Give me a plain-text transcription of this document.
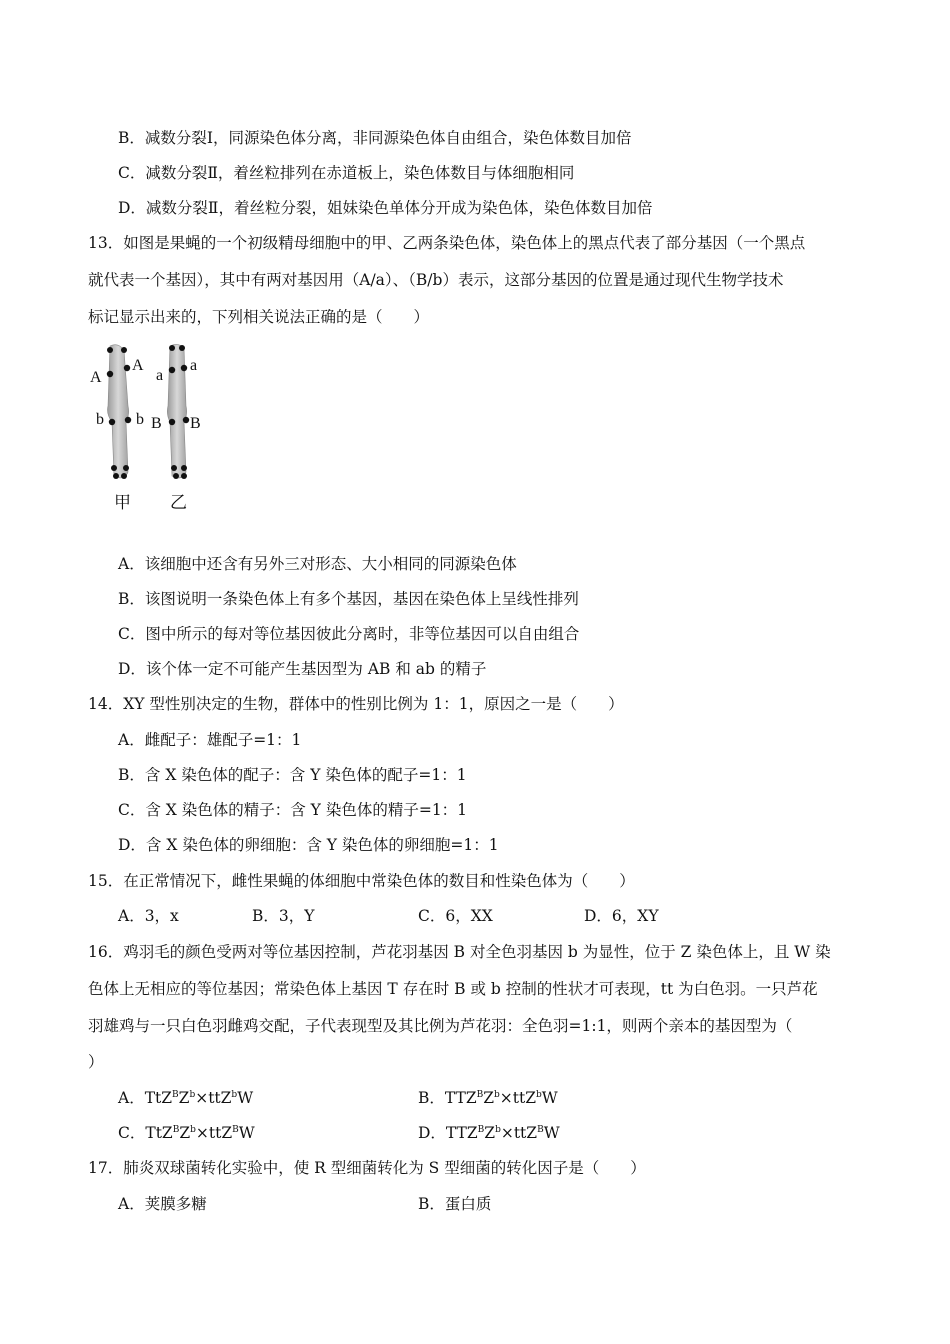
B．减数分裂Ⅰ，同源染色体分离，非同源染色体自由组合，染色体数目加倍
C．减数分裂Ⅱ，着丝粒排列在赤道板上，染色体数目与体细胞相同
D．减数分裂Ⅱ，着丝粒分裂，姐妹染色单体分开成为染色体，染色体数目加倍
13．如图是果蝇的一个初级精母细胞中的甲、乙两条染色体，染色体上的黑点代表了部分基因（一个黑点
就代表一个基因），其中有两对基因用（A/a）、（B/b）表示，这部分基因的位置是通过现代生物学技术
标记显示出来的，下列相关说法正确的是（　　）
A
A	a
a
b b B B
甲 乙
A．该细胞中还含有另外三对形态、大小相同的同源染色体
B．该图说明一条染色体上有多个基因，基因在染色体上呈线性排列
C．图中所示的每对等位基因彼此分离时，非等位基因可以自由组合
D．该个体一定不可能产生基因型为 AB 和 ab 的精子
14．XY 型性别决定的生物，群体中的性别比例为 1：1，原因之一是（　　）
A．雌配子：雄配子=1：1
B．含 X 染色体的配子：含 Y 染色体的配子=1：1
C．含 X 染色体的精子：含 Y 染色体的精子=1：1
D．含 X 染色体的卵细胞：含 Y 染色体的卵细胞=1：1
15．在正常情况下，雌性果蝇的体细胞中常染色体的数目和性染色体为（　　）
A．3，x	B．3，Y	C．6，XX	D．6，XY
16．鸡羽毛的颜色受两对等位基因控制，芦花羽基因 B 对全色羽基因 b 为显性，位于 Z 染色体上，且 W 染
色体上无相应的等位基因；常染色体上基因 T 存在时 B 或 b 控制的性状才可表现，tt 为白色羽。一只芦花
羽雄鸡与一只白色羽雌鸡交配，子代表现型及其比例为芦花羽：全色羽=1:1，则两个亲本的基因型为（
）
A．$TtZ^BZ^b\times ttZ^bW$	B．$TTZ^BZ^b\times ttZ^bW$
C．$TtZ^BZ^b\times ttZ^BW$	D．$TTZ^BZ^b\times ttZ^BW$
17．肺炎双球菌转化实验中，使 R 型细菌转化为 S 型细菌的转化因子是（　　）
A．荚膜多糖	B．蛋白质
